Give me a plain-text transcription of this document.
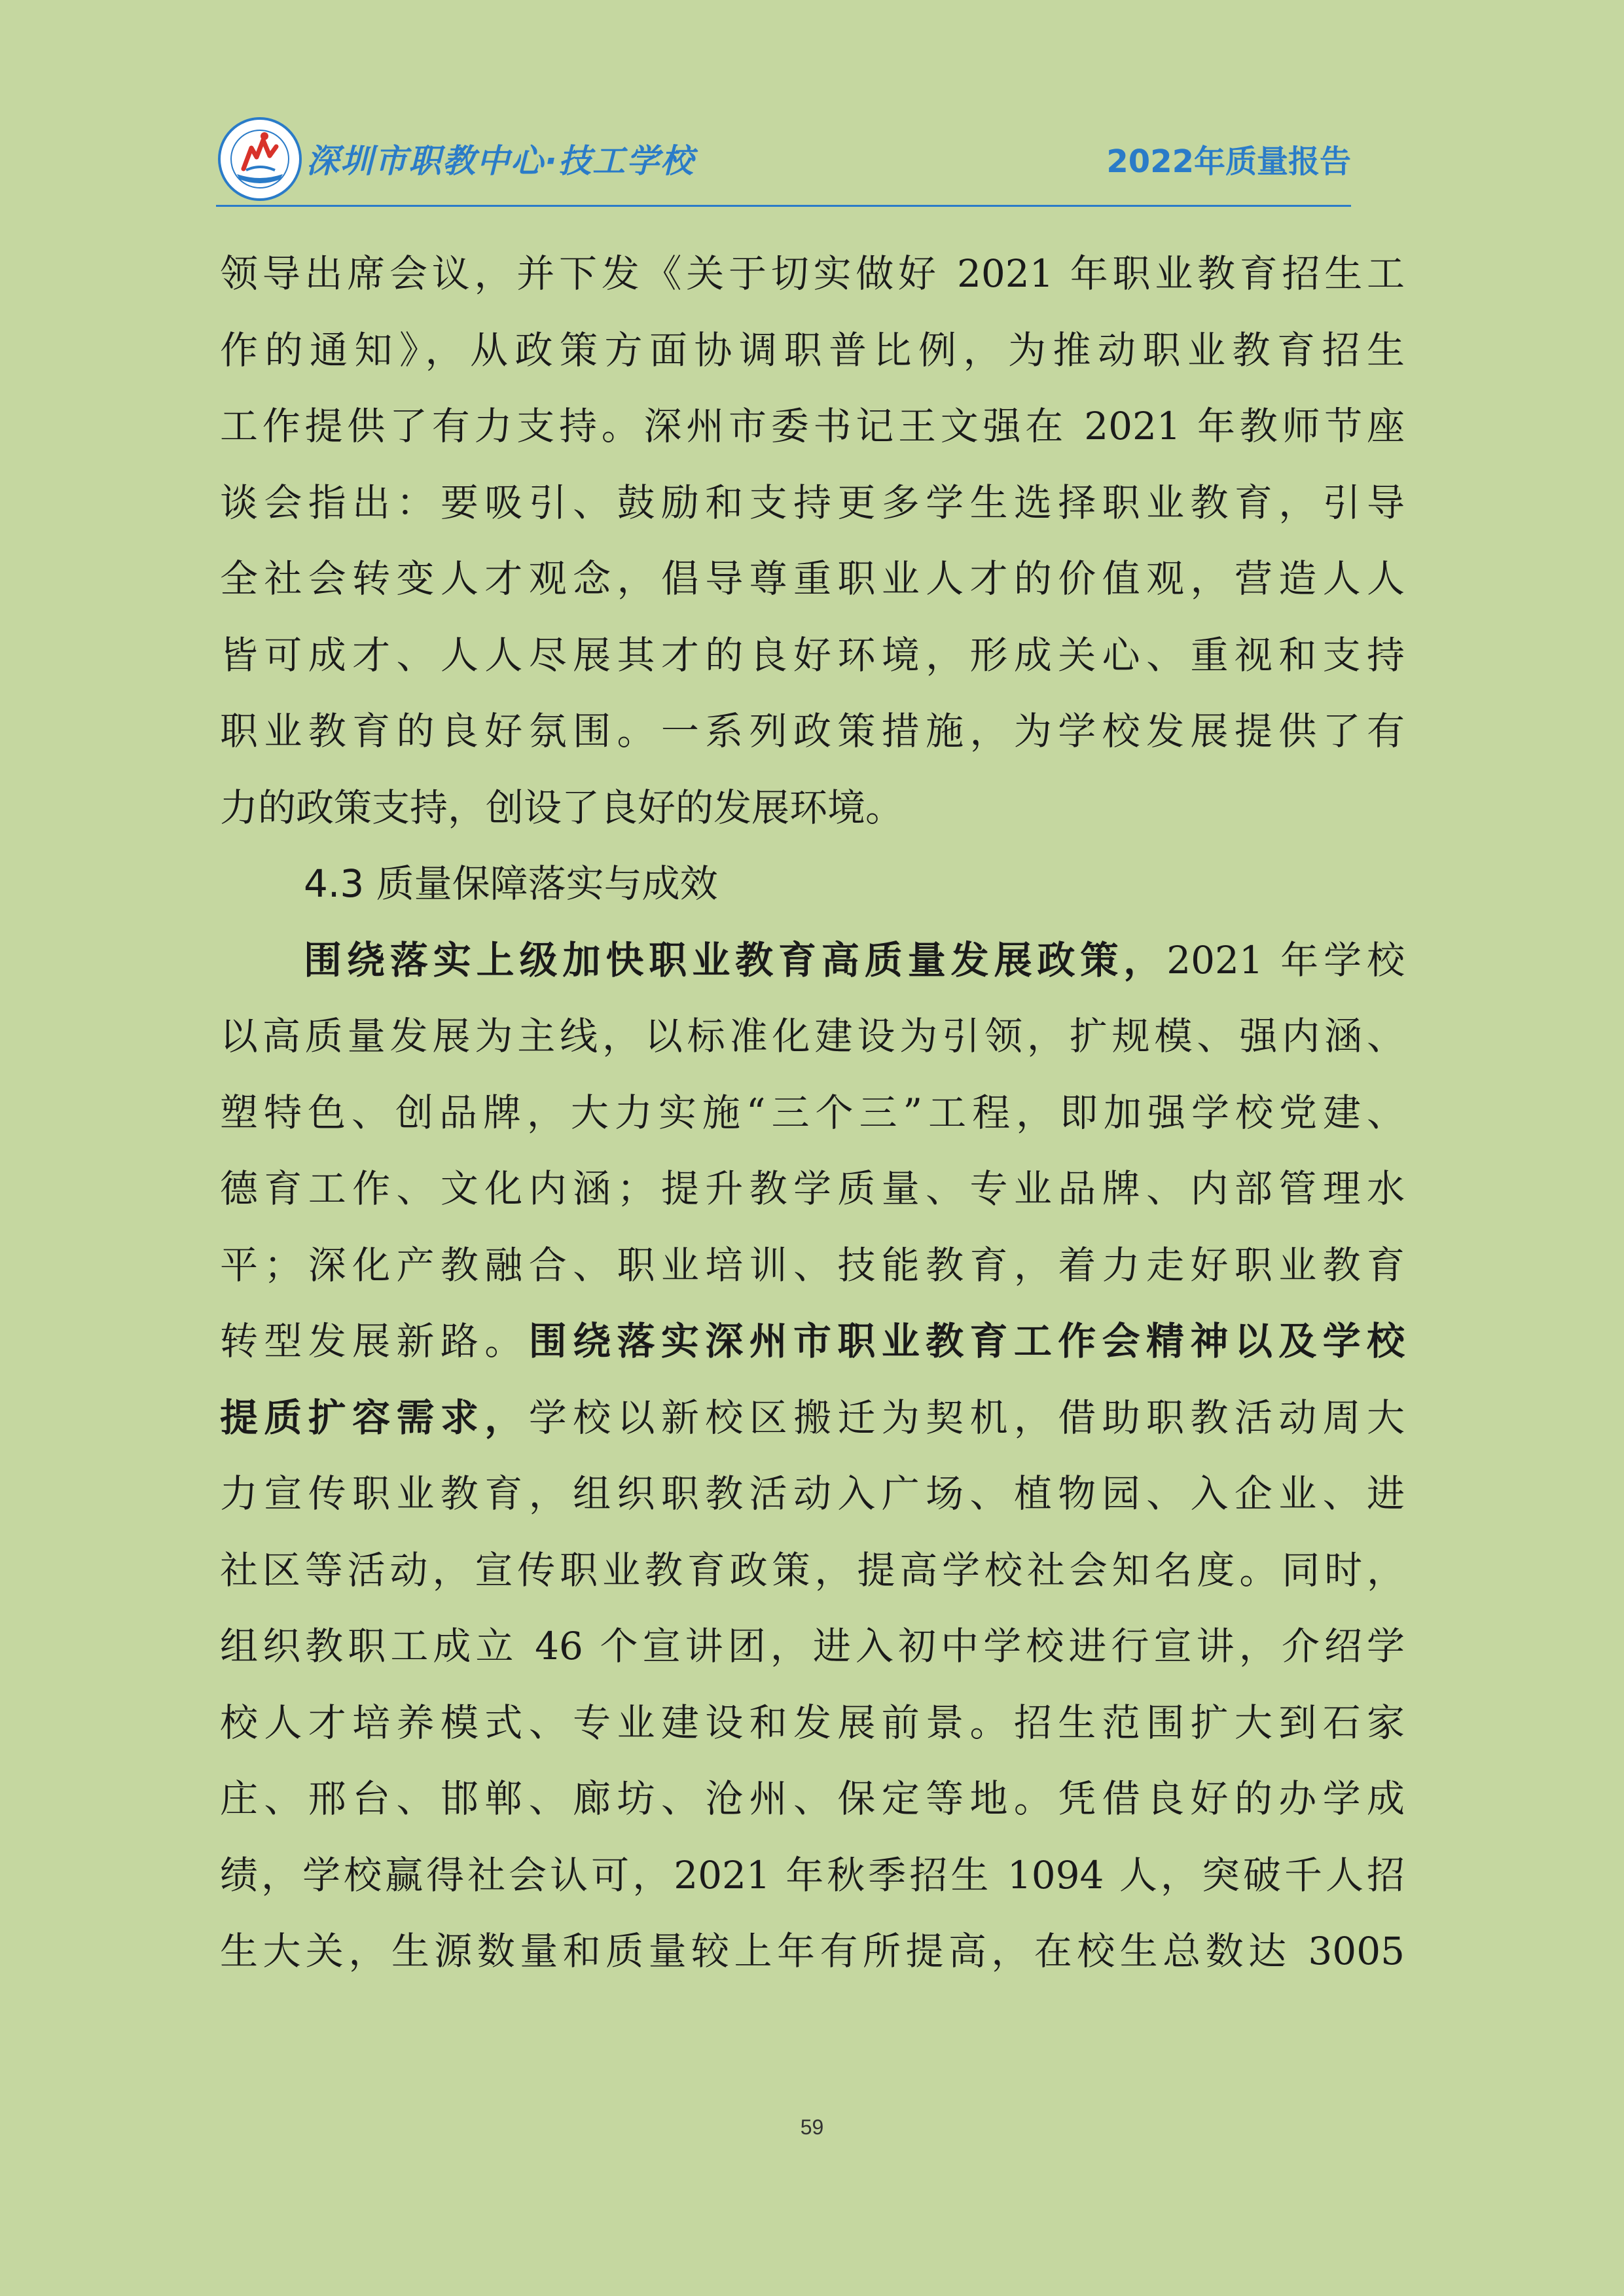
深圳市职教中心·技工学校	2022年质量报告
领导出席会议，并下发《关于切实做好 2021 年职业教育招生工
作的通知》，从政策方面协调职普比例，为推动职业教育招生
工作提供了有力支持。深州市委书记王文强在 2021 年教师节座
谈会指出：要吸引、鼓励和支持更多学生选择职业教育，引导
全社会转变人才观念，倡导尊重职业人才的价值观，营造人人
皆可成才、人人尽展其才的良好环境，形成关心、重视和支持
职业教育的良好氛围。一系列政策措施，为学校发展提供了有
力的政策支持，创设了良好的发展环境。
4.3 质量保障落实与成效
围绕落实上级加快职业教育高质量发展政策，2021 年学校
以高质量发展为主线，以标准化建设为引领，扩规模、强内涵、
塑特色、创品牌，大力实施“三个三”工程，即加强学校党建、
德育工作、文化内涵；提升教学质量、专业品牌、内部管理水
平；深化产教融合、职业培训、技能教育，着力走好职业教育
转型发展新路。围绕落实深州市职业教育工作会精神以及学校
提质扩容需求，学校以新校区搬迁为契机，借助职教活动周大
力宣传职业教育，组织职教活动入广场、植物园、入企业、进
社区等活动，宣传职业教育政策，提高学校社会知名度。同时，
组织教职工成立 46 个宣讲团，进入初中学校进行宣讲，介绍学
校人才培养模式、专业建设和发展前景。招生范围扩大到石家
庄、邢台、邯郸、廊坊、沧州、保定等地。凭借良好的办学成
绩，学校赢得社会认可，2021 年秋季招生 1094 人，突破千人招
生大关，生源数量和质量较上年有所提高，在校生总数达 3005
59
